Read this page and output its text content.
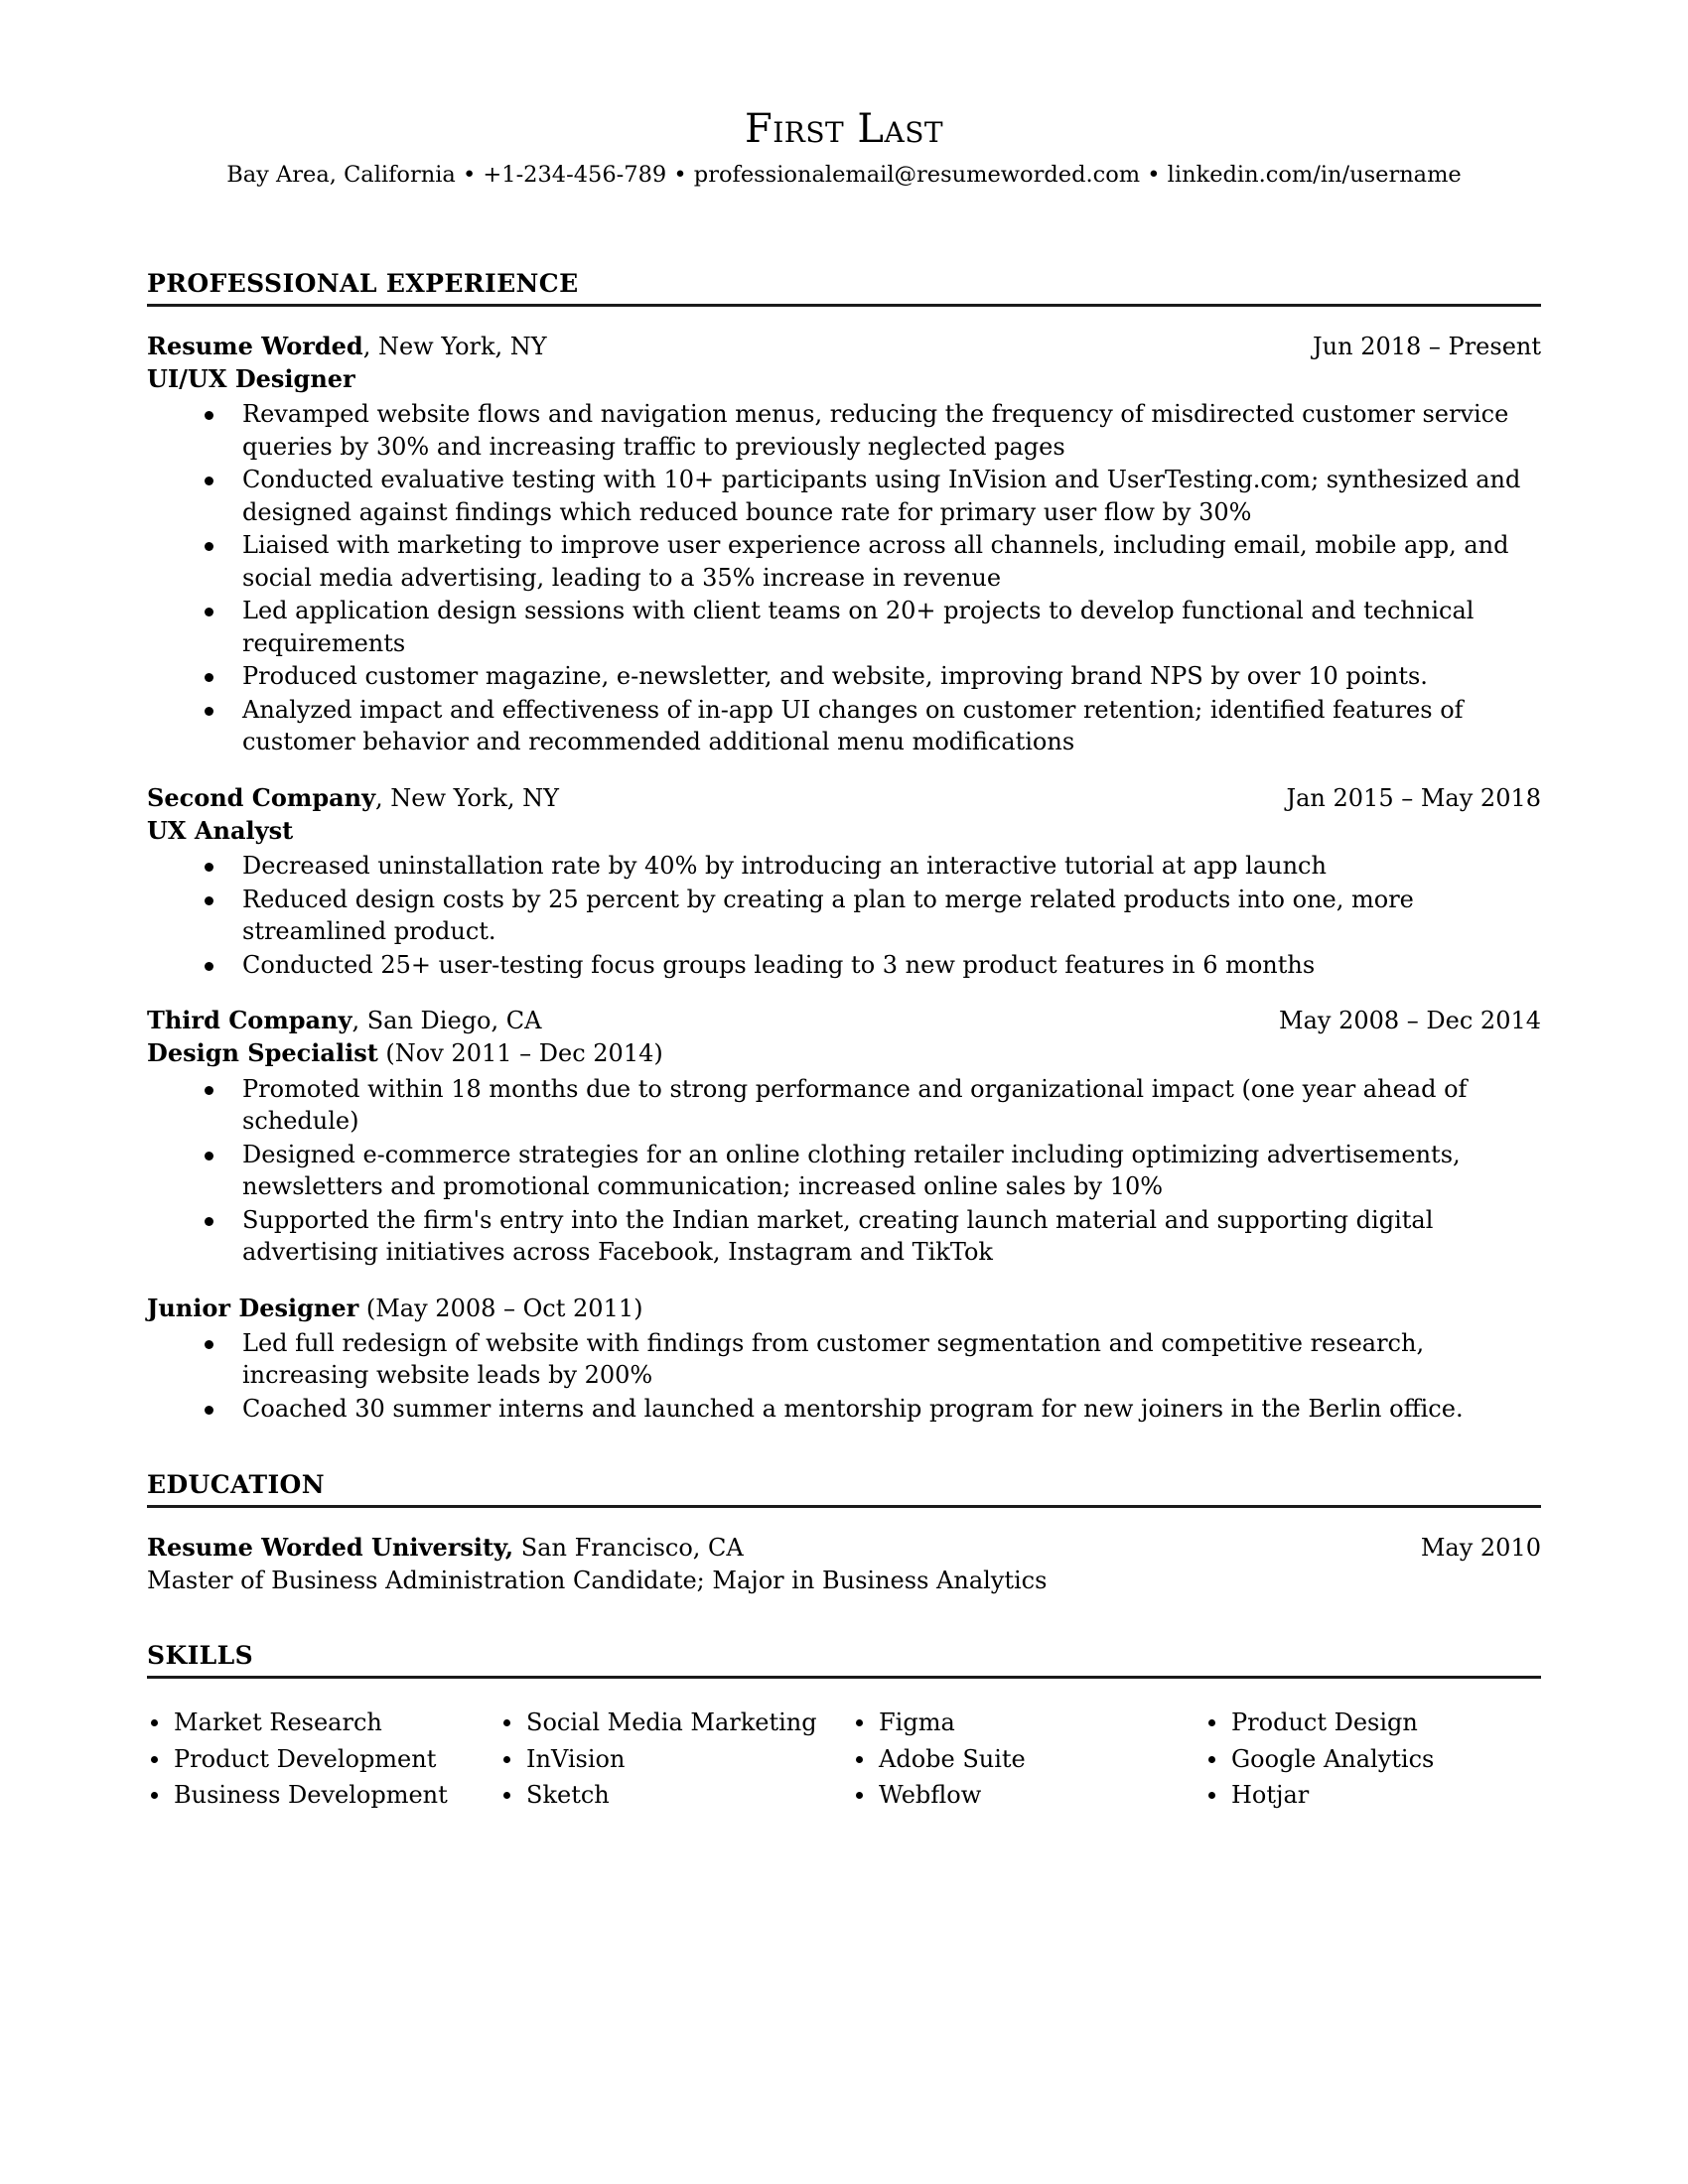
First Last
Bay Area, California • +1-234-456-789 • professionalemail@resumeworded.com • linkedin.com/in/username
PROFESSIONAL EXPERIENCE
Resume Worded, New York, NY	Jun 2018 – Present
UI/UX Designer
Revamped website flows and navigation menus, reducing the frequency of misdirected customer service queries by 30% and increasing traffic to previously neglected pages
Conducted evaluative testing with 10+ participants using InVision and UserTesting.com; synthesized and designed against findings which reduced bounce rate for primary user flow by 30%
Liaised with marketing to improve user experience across all channels, including email, mobile app, and social media advertising, leading to a 35% increase in revenue
Led application design sessions with client teams on 20+ projects to develop functional and technical requirements
Produced customer magazine, e-newsletter, and website, improving brand NPS by over 10 points.
Analyzed impact and effectiveness of in-app UI changes on customer retention; identified features of customer behavior and recommended additional menu modifications
Second Company, New York, NY	Jan 2015 – May 2018
UX Analyst
Decreased uninstallation rate by 40% by introducing an interactive tutorial at app launch
Reduced design costs by 25 percent by creating a plan to merge related products into one, more streamlined product.
Conducted 25+ user-testing focus groups leading to 3 new product features in 6 months
Third Company, San Diego, CA	May 2008 – Dec 2014
Design Specialist (Nov 2011 – Dec 2014)
Promoted within 18 months due to strong performance and organizational impact (one year ahead of schedule)
Designed e-commerce strategies for an online clothing retailer including optimizing advertisements, newsletters and promotional communication; increased online sales by 10%
Supported the firm's entry into the Indian market, creating launch material and supporting digital advertising initiatives across Facebook, Instagram and TikTok
Junior Designer (May 2008 – Oct 2011)
Led full redesign of website with findings from customer segmentation and competitive research, increasing website leads by 200%
Coached 30 summer interns and launched a mentorship program for new joiners in the Berlin office.
EDUCATION
Resume Worded University, San Francisco, CA	May 2010
Master of Business Administration Candidate; Major in Business Analytics
SKILLS
Market Research
Product Development
Business Development
Social Media Marketing
InVision
Sketch
Figma
Adobe Suite
Webflow
Product Design
Google Analytics
Hotjar
